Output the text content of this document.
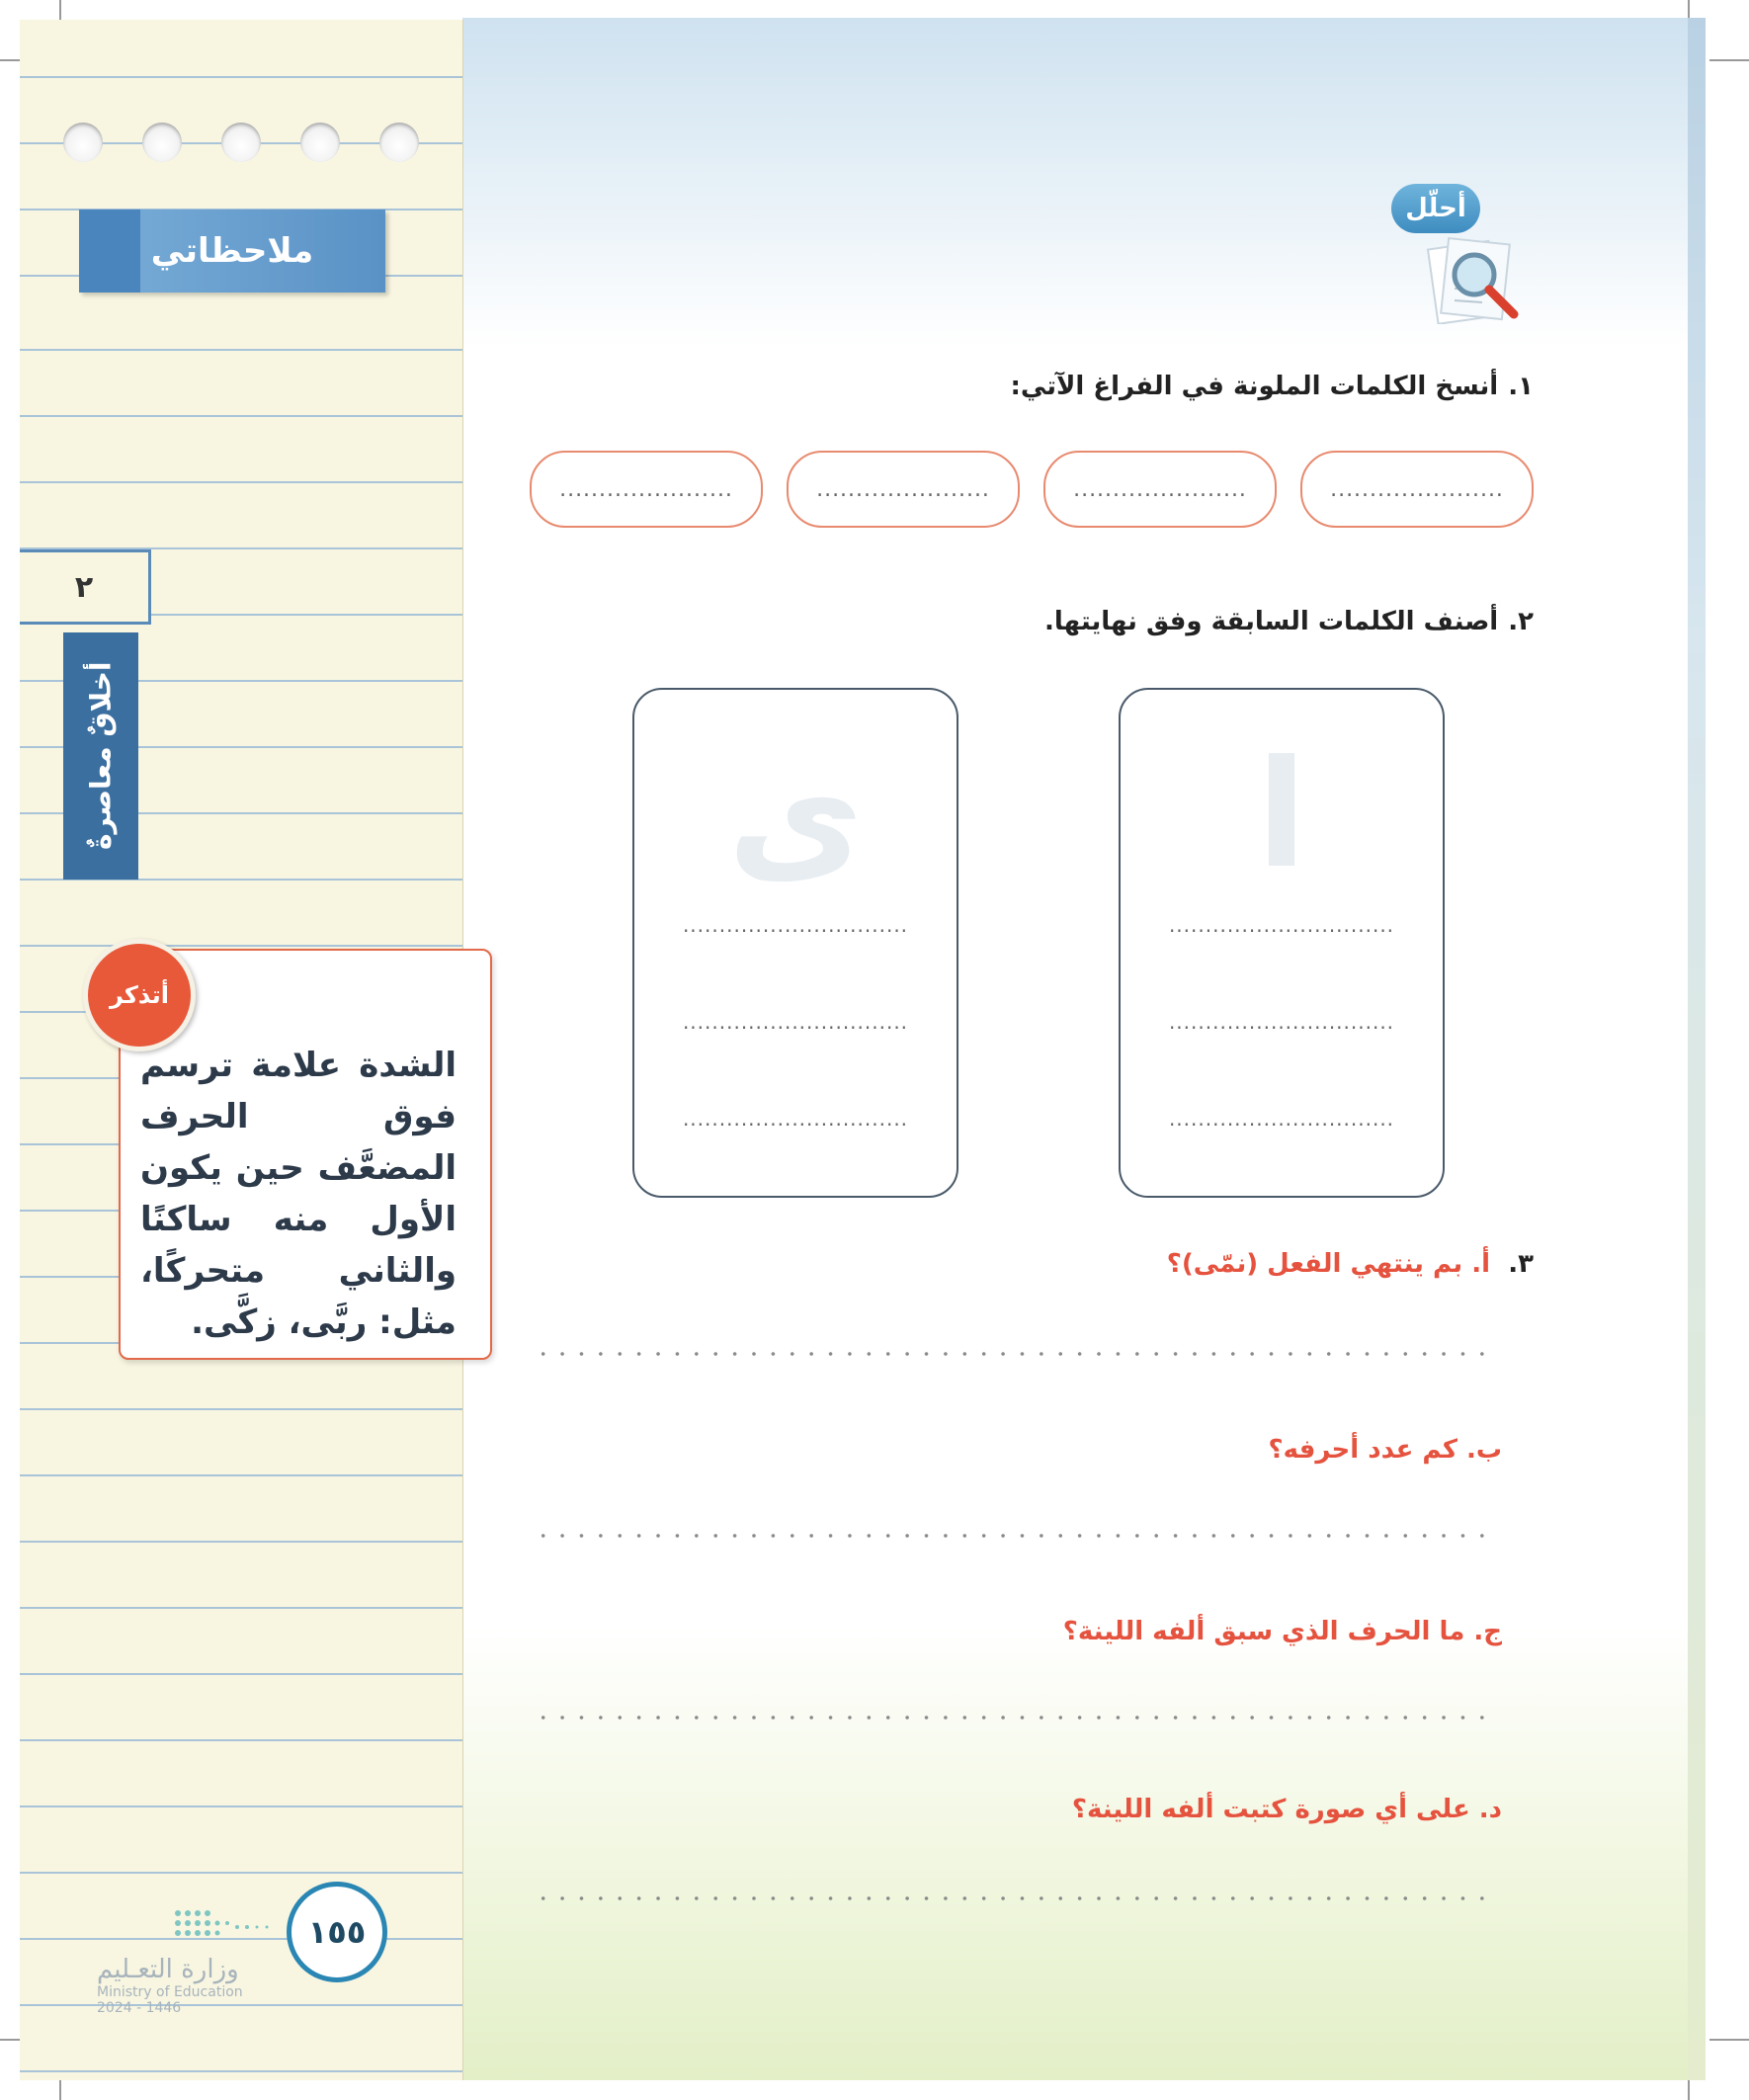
ملاحظاتي
٢
أخلاقٌ معاصرةٌ
الشدة علامة ترسم فوق الحرف المضعَّف حين يكون الأول منه ساكنًا والثاني متحركًا، مثل: ربَّى، زكَّى.
أتذكر
١٥٥
وزارة التعـليم
Ministry of Education
2024 - 1446
أحلّل
١.أنسخ الكلمات الملونة في الفراغ الآتي:
......................
......................
......................
......................
٢.أصنف الكلمات السابقة وفق نهايتها.
ا
...............................
...............................
...............................
ى
...............................
...............................
...............................
٣.
أ. بم ينتهي الفعل (نمّى)؟
ب. كم عدد أحرفه؟
ج. ما الحرف الذي سبق ألفه اللينة؟
د. على أي صورة كتبت ألفه اللينة؟
